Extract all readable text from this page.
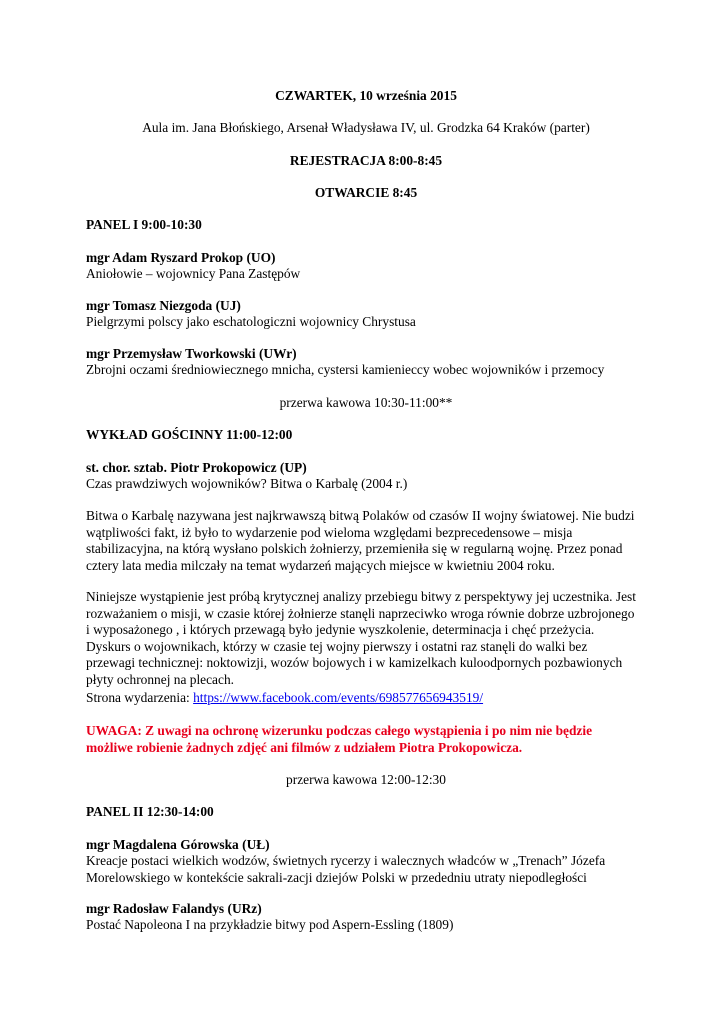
CZWARTEK, 10 września 2015

Aula im. Jana Błońskiego, Arsenał Władysława IV, ul. Grodzka 64 Kraków (parter)

REJESTRACJA 8:00-8:45

OTWARCIE 8:45

PANEL I 9:00-10:30

mgr Adam Ryszard Prokop (UO)

Aniołowie – wojownicy Pana Zastępów

mgr Tomasz Niezgoda (UJ)

Pielgrzymi polscy jako eschatologiczni wojownicy Chrystusa

mgr Przemysław Tworkowski (UWr)

Zbrojni oczami średniowiecznego mnicha, cystersi kamienieccy wobec wojowników i przemocy

przerwa kawowa 10:30-11:00**

WYKŁAD GOŚCINNY 11:00-12:00

st. chor. sztab. Piotr Prokopowicz (UP)

Czas prawdziwych wojowników? Bitwa o Karbalę (2004 r.)

Bitwa o Karbalę nazywana jest najkrwawszą bitwą Polaków od czasów II wojny światowej. Nie budzi

wątpliwości fakt, iż było to wydarzenie pod wieloma względami bezprecedensowe – misja

stabilizacyjna, na którą wysłano polskich żołnierzy, przemieniła się w regularną wojnę. Przez ponad

cztery lata media milczały na temat wydarzeń mających miejsce w kwietniu 2004 roku.

Niniejsze wystąpienie jest próbą krytycznej analizy przebiegu bitwy z perspektywy jej uczestnika. Jest

rozważaniem o misji, w czasie której żołnierze stanęli naprzeciwko wroga równie dobrze uzbrojonego

i wyposażonego , i których przewagą było jedynie wyszkolenie, determinacja i chęć przeżycia.

Dyskurs o wojownikach, którzy w czasie tej wojny pierwszy i ostatni raz stanęli do walki bez

przewagi technicznej: noktowizji, wozów bojowych i w kamizelkach kuloodpornych pozbawionych

płyty ochronnej na plecach.

Strona wydarzenia: https://www.facebook.com/events/698577656943519/

UWAGA: Z uwagi na ochronę wizerunku podczas całego wystąpienia i po nim nie będzie

możliwe robienie żadnych zdjęć ani filmów z udziałem Piotra Prokopowicza.

przerwa kawowa 12:00-12:30

PANEL II 12:30-14:00

mgr Magdalena Górowska (UŁ)

Kreacje postaci wielkich wodzów, świetnych rycerzy i walecznych władców w „Trenach” Józefa

Morelowskiego w kontekście sakrali-zacji dziejów Polski w przededniu utraty niepodległości

mgr Radosław Falandys (URz)

Postać Napoleona I na przykładzie bitwy pod Aspern-Essling (1809)
